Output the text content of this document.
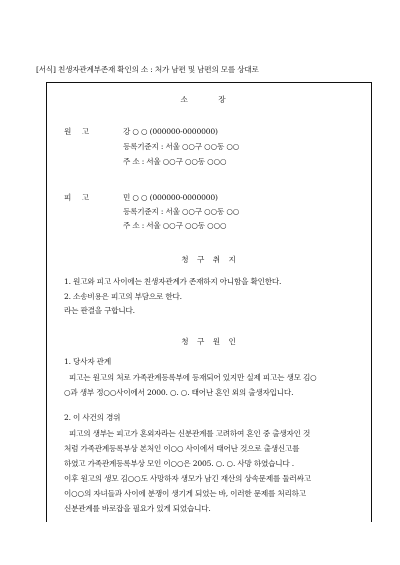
[서식] 친생자관계부존재 확인의 소 : 처가 남편 및 남편의 모를 상대로
소 장
원 고	강 ○ ○ (000000-0000000)
등록기준지 : 서울 ○○구 ○○동 ○○
주 소 : 서울 ○○구 ○○동 ○○○
피 고	민 ○ ○ (000000-0000000)
등록기준지 : 서울 ○○구 ○○동 ○○
주 소 : 서울 ○○구 ○○동 ○○○
청 구 취 지
1. 원고와 피고 사이에는 친생자관계가 존재하지 아니함을 확인한다.
2. 소송비용은 피고의 부담으로 한다.
라는 판결을 구합니다.
청 구 원 인
1. 당사자 관계
피고는 원고의 처로 가족관계등록부에 등재되어 있지만 실제 피고는 생모 김○
○과 생부 정○○사이에서 2000. ○. ○. 태어난 혼인 외의 출생자입니다.
2. 이 사건의 경위
피고의 생부는 피고가 혼외자라는 신분관계를 고려하여 혼인 중 출생자인 것
처럼 가족관계등록부상 본처인 이○○ 사이에서 태어난 것으로 출생신고를
하였고 가족관계등록부상 모인 이○○은 2005. ○. ○. 사망 하였습니다 .
이후 원고의 생모 김○○도 사망하자 생모가 남긴 재산의 상속문제를 둘러싸고
이○○의 자녀들과 사이에 분쟁이 생기게 되었는 바, 이러한 문제를 처리하고
신분관계를 바로잡을 필요가 있게 되었습니다.
